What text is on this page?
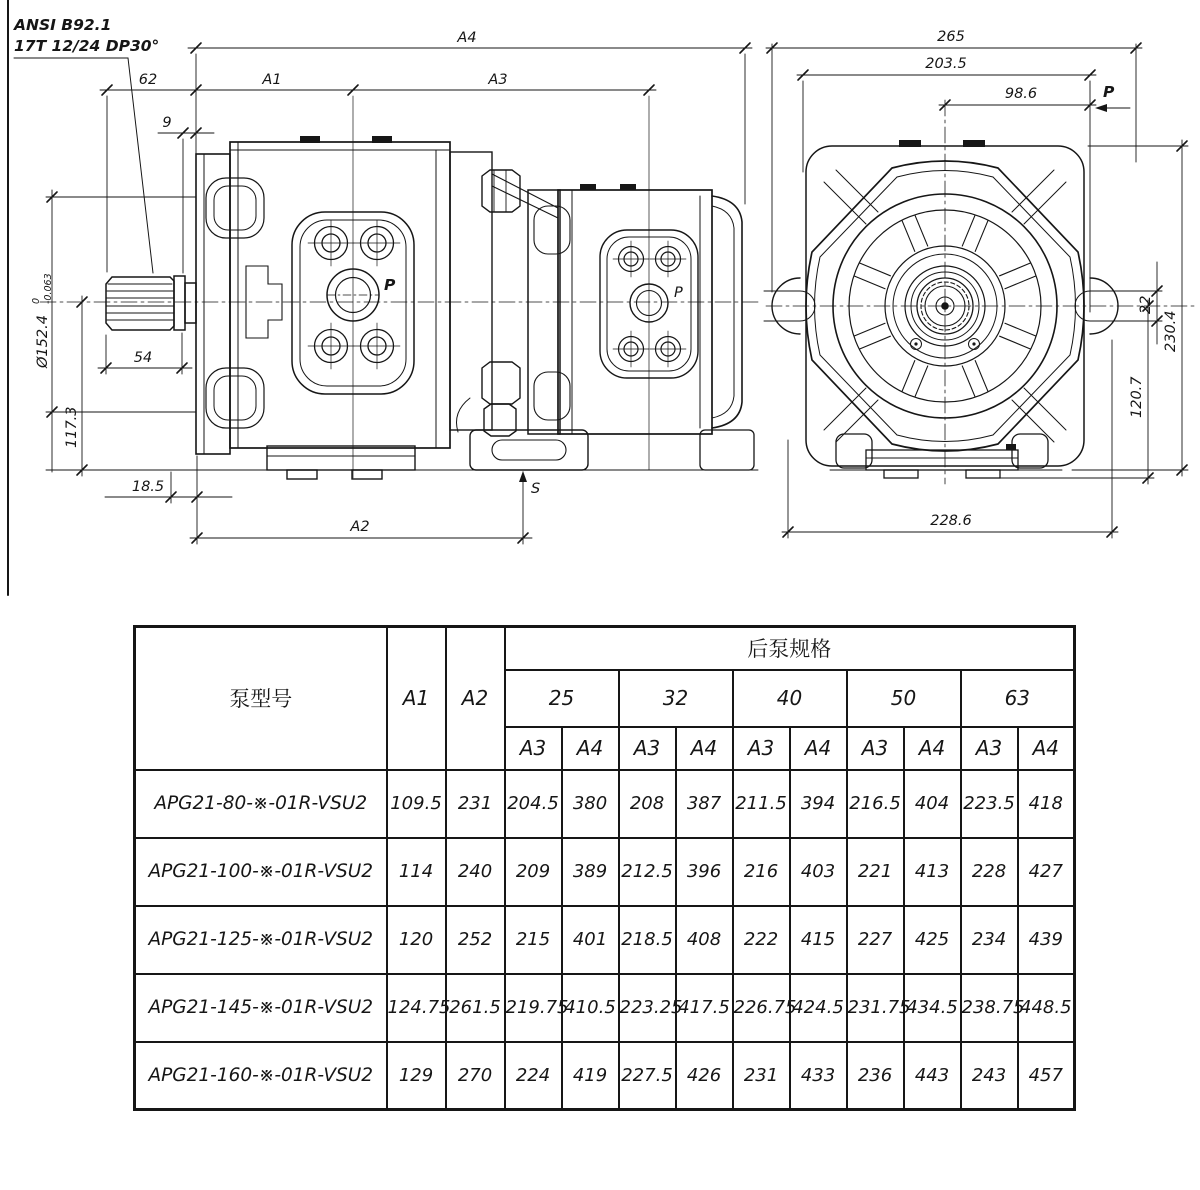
P	P
ANSI B92.1
17T 12/24 DP30°	A4
A1	A3
62
9
54
Ø152.4
0 -0.063
117.3
18.5
A2
S
265
203.5
98.6	P
22
230.4
120.7
228.6
泵型号	A1	A2	后泵规格									
			25		32		40		50		63	
			A3	A4	A3	A4	A3	A4	A3	A4	A3	A4
APG21-80-※-01R-VSU2	109.5	231	204.5	380	208	387	211.5	394	216.5	404	223.5	418
APG21-100-※-01R-VSU2	114	240	209	389	212.5	396	216	403	221	413	228	427
APG21-125-※-01R-VSU2	120	252	215	401	218.5	408	222	415	227	425	234	439
APG21-145-※-01R-VSU2	124.75	261.5	219.75	410.5	223.25	417.5	226.75	424.5	231.75	434.5	238.75	448.5
APG21-160-※-01R-VSU2	129	270	224	419	227.5	426	231	433	236	443	243	457
